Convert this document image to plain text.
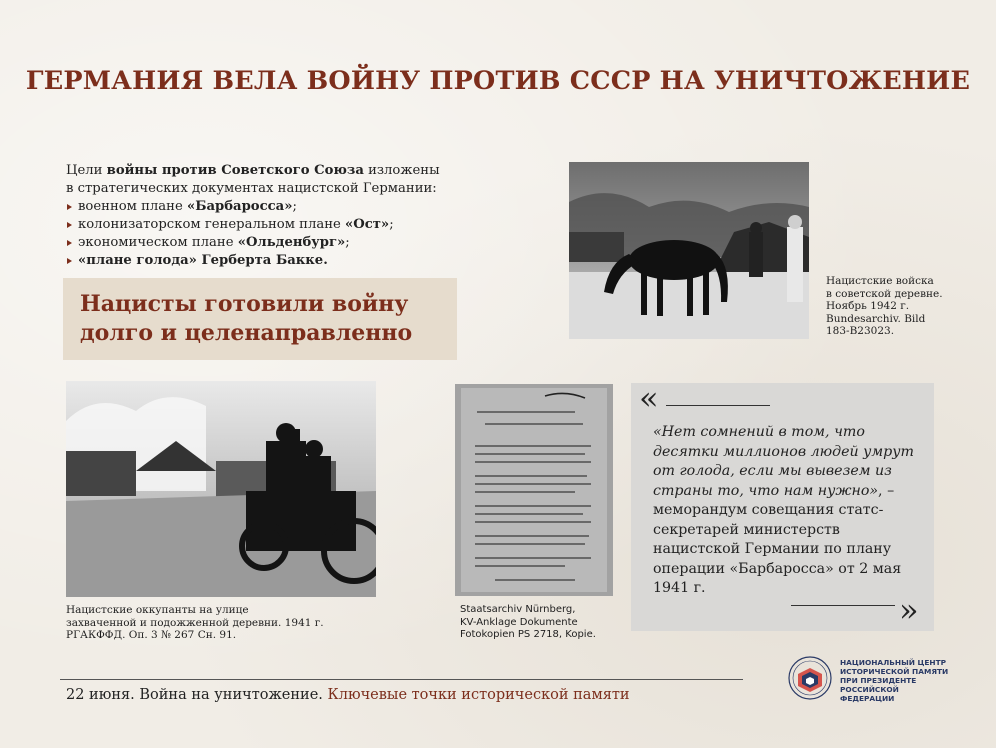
ГЕРМАНИЯ ВЕЛА ВОЙНУ ПРОТИВ СССР НА УНИЧТОЖЕНИЕ
Цели войны против Советского Союза изложены
в стратегических документах нацистской Германии:
военном плане «Барбаросса»;
колонизаторском генеральном плане «Ост»;
экономическом плане «Ольденбург»;
«плане голода» Герберта Бакке.
Нацисты готовили войну
долго и целенаправленно
Нацистские войска
в советской деревне.
Ноябрь 1942 г.
Bundesarchiv. Bild
183-B23023.
Нацистские оккупанты на улице
захваченной и подожженной деревни. 1941 г.
РГАКФФД. Оп. 3 № 267 Сн. 91.
Staatsarchiv Nürnberg,
KV-Anklage Dokumente
Fotokopien PS 2718, Kopie.
«
«Нет сомнений в том, что десятки миллионов людей умрут от голода, если мы вывезем из страны то, что нам нужно», – меморандум совещания статс-секретарей министерств нацистской Германии по плану операции «Барбаросса» от 2 мая 1941 г.
»
22 июня. Война на уничтожение. Ключевые точки исторической памяти
НАЦИОНАЛЬНЫЙ ЦЕНТР
ИСТОРИЧЕСКОЙ ПАМЯТИ
ПРИ ПРЕЗИДЕНТЕ
РОССИЙСКОЙ ФЕДЕРАЦИИ
